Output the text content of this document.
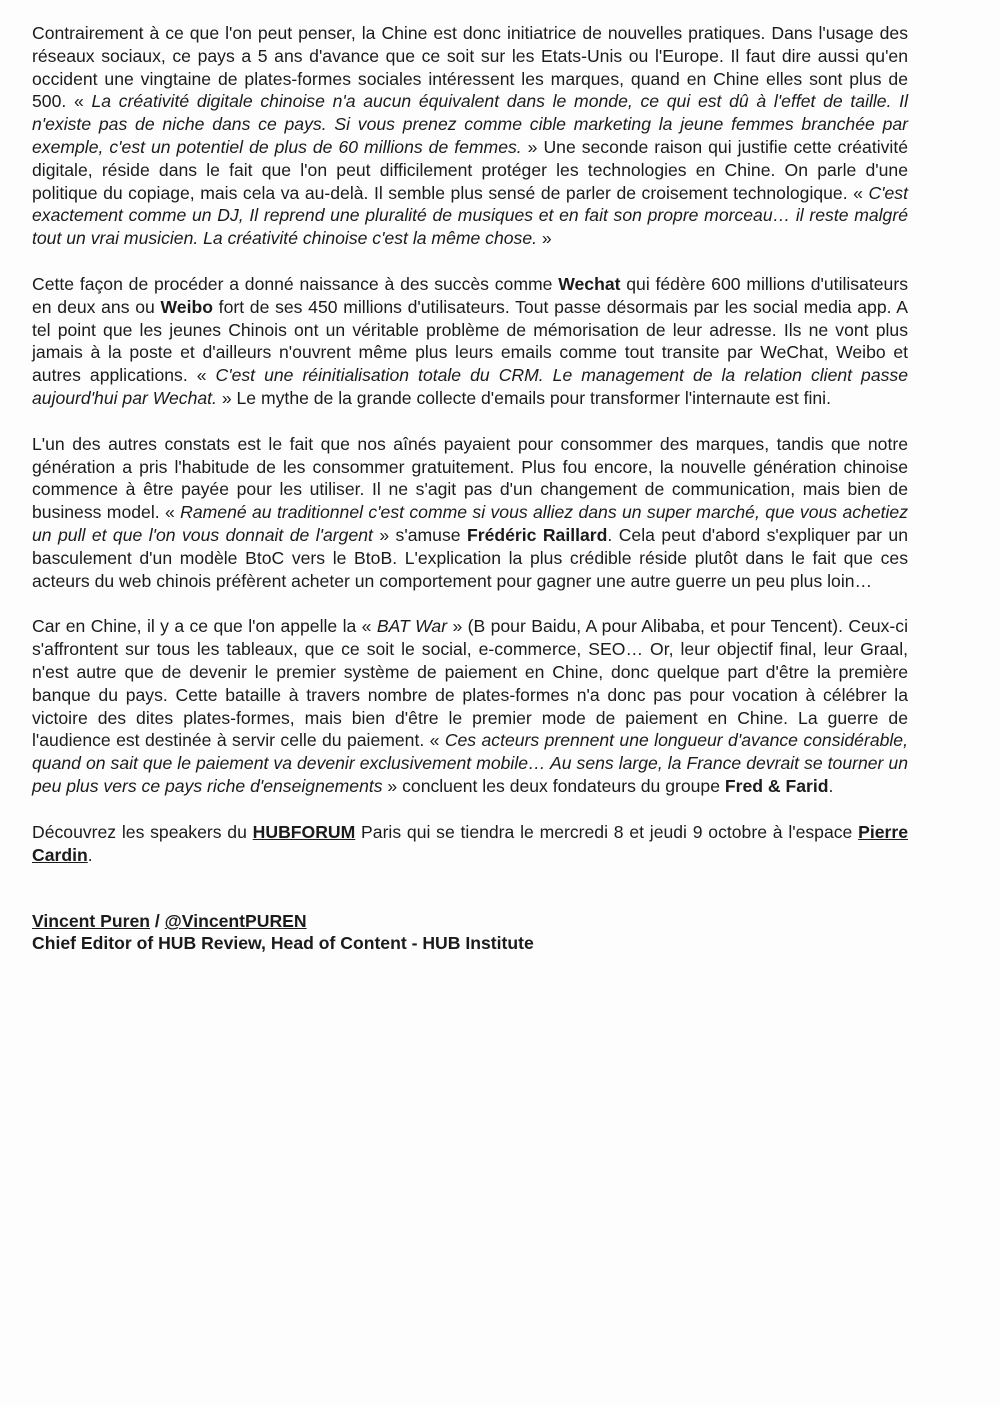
Contrairement à ce que l'on peut penser, la Chine est donc initiatrice de nouvelles pratiques. Dans l'usage des réseaux sociaux, ce pays a 5 ans d'avance que ce soit sur les Etats-Unis ou l'Europe. Il faut dire aussi qu'en occident une vingtaine de plates-formes sociales intéressent les marques, quand en Chine elles sont plus de 500. « La créativité digitale chinoise n'a aucun équivalent dans le monde, ce qui est dû à l'effet de taille. Il n'existe pas de niche dans ce pays. Si vous prenez comme cible marketing la jeune femmes branchée par exemple, c'est un potentiel de plus de 60 millions de femmes. » Une seconde raison qui justifie cette créativité digitale, réside dans le fait que l'on peut difficilement protéger les technologies en Chine. On parle d'une politique du copiage, mais cela va au-delà. Il semble plus sensé de parler de croisement technologique. « C'est exactement comme un DJ, Il reprend une pluralité de musiques et en fait son propre morceau… il reste malgré tout un vrai musicien. La créativité chinoise c'est la même chose. »

Cette façon de procéder a donné naissance à des succès comme Wechat qui fédère 600 millions d'utilisateurs en deux ans ou Weibo fort de ses 450 millions d'utilisateurs. Tout passe désormais par les social media app. A tel point que les jeunes Chinois ont un véritable problème de mémorisation de leur adresse. Ils ne vont plus jamais à la poste et d'ailleurs n'ouvrent même plus leurs emails comme tout transite par WeChat, Weibo et autres applications. « C'est une réinitialisation totale du CRM. Le management de la relation client passe aujourd'hui par Wechat. » Le mythe de la grande collecte d'emails pour transformer l'internaute est fini.

L'un des autres constats est le fait que nos aînés payaient pour consommer des marques, tandis que notre génération a pris l'habitude de les consommer gratuitement. Plus fou encore, la nouvelle génération chinoise commence à être payée pour les utiliser. Il ne s'agit pas d'un changement de communication, mais bien de business model. « Ramené au traditionnel c'est comme si vous alliez dans un super marché, que vous achetiez un pull et que l'on vous donnait de l'argent » s'amuse Frédéric Raillard. Cela peut d'abord s'expliquer par un basculement d'un modèle BtoC vers le BtoB. L'explication la plus crédible réside plutôt dans le fait que ces acteurs du web chinois préfèrent acheter un comportement pour gagner une autre guerre un peu plus loin…

Car en Chine, il y a ce que l'on appelle la « BAT War » (B pour Baidu, A pour Alibaba, et pour Tencent). Ceux-ci s'affrontent sur tous les tableaux, que ce soit le social, e-commerce, SEO… Or, leur objectif final, leur Graal, n'est autre que de devenir le premier système de paiement en Chine, donc quelque part d'être la première banque du pays. Cette bataille à travers nombre de plates-formes n'a donc pas pour vocation à célébrer la victoire des dites plates-formes, mais bien d'être le premier mode de paiement en Chine. La guerre de l'audience est destinée à servir celle du paiement. « Ces acteurs prennent une longueur d'avance considérable, quand on sait que le paiement va devenir exclusivement mobile… Au sens large, la France devrait se tourner un peu plus vers ce pays riche d'enseignements » concluent les deux fondateurs du groupe Fred & Farid.

Découvrez les speakers du HUBFORUM Paris qui se tiendra le mercredi 8 et jeudi 9 octobre à l'espace Pierre Cardin.

Vincent Puren / @VincentPUREN
Chief Editor of HUB Review, Head of Content - HUB Institute
